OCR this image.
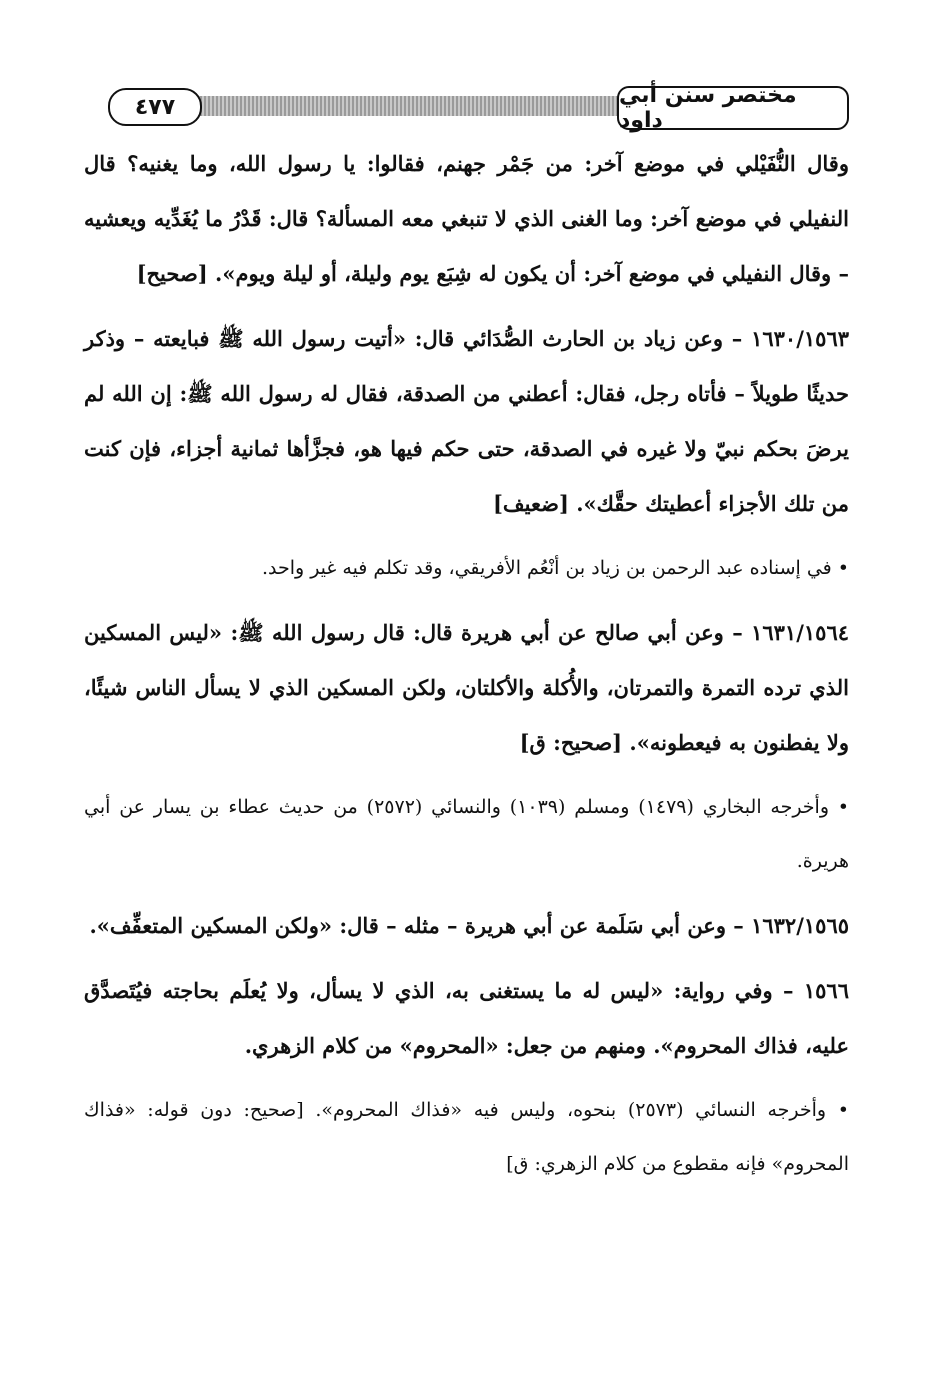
٤٧٧	مختصر سنن أبي داود

وقال النُّفَيْلي في موضع آخر: من جَمْر جهنم، فقالوا: يا رسول الله، وما يغنيه؟ قال النفيلي في موضع آخر: وما الغنى الذي لا تنبغي معه المسألة؟ قال: قَدْرُ ما يُغَدِّيه ويعشيه – وقال النفيلي في موضع آخر: أن يكون له شِبَع يوم وليلة، أو ليلة ويوم». [صحيح]

١٦٣٠/١٥٦٣ – وعن زياد بن الحارث الصُّدَائي قال: «أتيت رسول الله ﷺ فبايعته – وذكر حديثًا طويلاً – فأتاه رجل، فقال: أعطني من الصدقة، فقال له رسول الله ﷺ: إن الله لم يرضَ بحكم نبيّ ولا غيره في الصدقة، حتى حكم فيها هو، فجزَّأها ثمانية أجزاء، فإن كنت من تلك الأجزاء أعطيتك حقَّك». [ضعيف]

• في إسناده عبد الرحمن بن زياد بن أنْعُم الأفريقي، وقد تكلم فيه غير واحد.

١٦٣١/١٥٦٤ – وعن أبي صالح عن أبي هريرة قال: قال رسول الله ﷺ: «ليس المسكين الذي ترده التمرة والتمرتان، والأُكلة والأكلتان، ولكن المسكين الذي لا يسأل الناس شيئًا، ولا يفطنون به فيعطونه». [صحيح: ق]

• وأخرجه البخاري (١٤٧٩) ومسلم (١٠٣٩) والنسائي (٢٥٧٢) من حديث عطاء بن يسار عن أبي هريرة.

١٦٣٢/١٥٦٥ – وعن أبي سَلَمة عن أبي هريرة – مثله – قال: «ولكن المسكين المتعفِّف».

١٥٦٦ – وفي رواية: «ليس له ما يستغنى به، الذي لا يسأل، ولا يُعلَم بحاجته فيُتَصدَّق عليه، فذاك المحروم». ومنهم من جعل: «المحروم» من كلام الزهري.

• وأخرجه النسائي (٢٥٧٣) بنحوه، وليس فيه «فذاك المحروم». [صحيح: دون قوله: «فذاك المحروم» فإنه مقطوع من كلام الزهري: ق]
